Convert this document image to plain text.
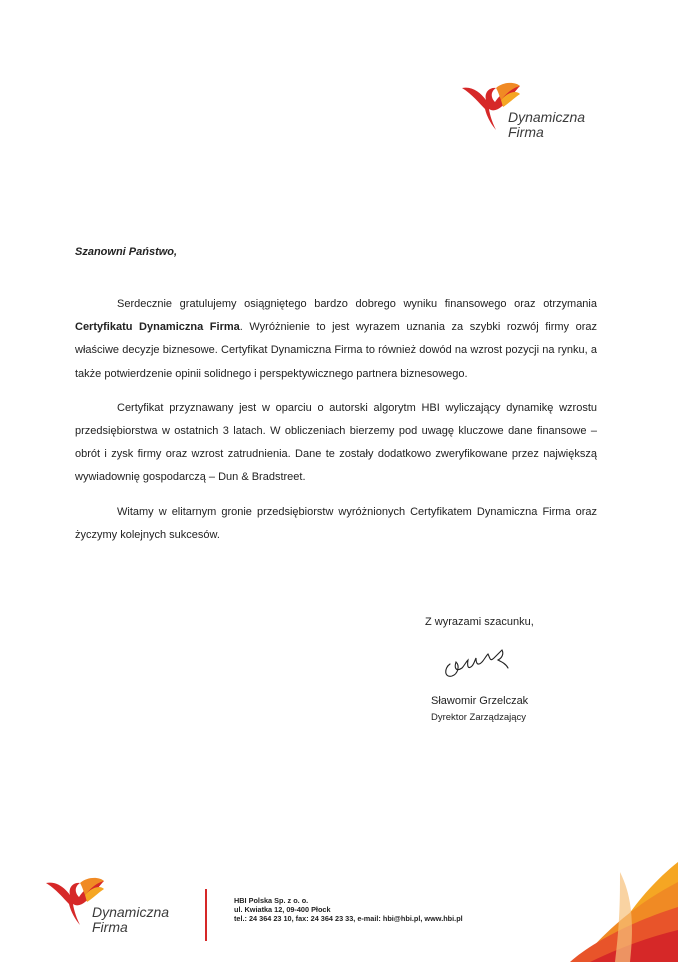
Dynamiczna
Firma
Szanowni Państwo,

Serdecznie gratulujemy osiągniętego bardzo dobrego wyniku finansowego oraz otrzymania Certyfikatu Dynamiczna Firma. Wyróżnienie to jest wyrazem uznania za szybki rozwój firmy oraz właściwe decyzje biznesowe. Certyfikat Dynamiczna Firma to również dowód na wzrost pozycji na rynku, a także potwierdzenie opinii solidnego i perspektywicznego partnera biznesowego.

Certyfikat przyznawany jest w oparciu o autorski algorytm HBI wyliczający dynamikę wzrostu przedsiębiorstwa w ostatnich 3 latach. W obliczeniach bierzemy pod uwagę kluczowe dane finansowe – obrót i zysk firmy oraz wzrost zatrudnienia. Dane te zostały dodatkowo zweryfikowane przez największą wywiadownię gospodarczą – Dun & Bradstreet.

Witamy w elitarnym gronie przedsiębiorstw wyróżnionych Certyfikatem Dynamiczna Firma oraz życzymy kolejnych sukcesów.

Z wyrazami szacunku,
Sławomir Grzelczak
Dyrektor Zarządzający
Dynamiczna
Firma
HBI Polska Sp. z o. o.
ul. Kwiatka 12, 09-400 Płock
tel.: 24 364 23 10, fax: 24 364 23 33, e-mail: hbi@hbi.pl, www.hbi.pl
